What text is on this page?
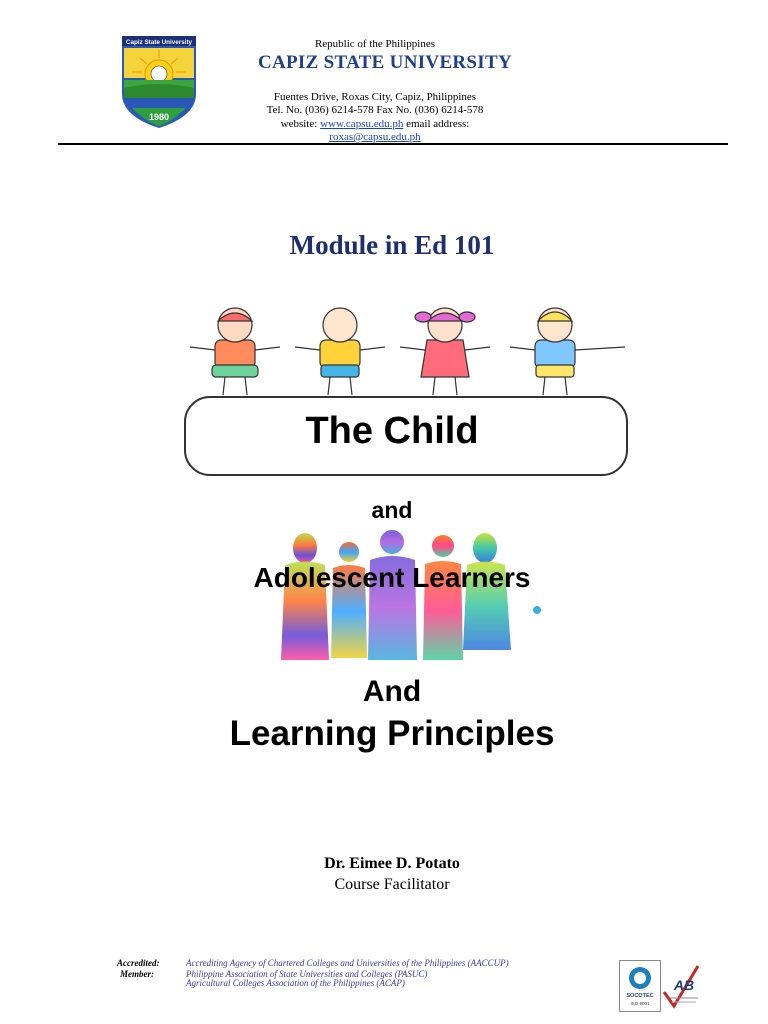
Capiz State University
1980
Republic of the Philippines
CAPIZ STATE UNIVERSITY
Fuentes Drive, Roxas City, Capiz, Philippines
Tel. No. (036) 6214-578 Fax No. (036) 6214-578
website: www.capsu.edu.ph email address:
roxas@capsu.edu.ph
Module in Ed 101
The Child
and
Adolescent Learners
And
Learning Principles
Dr. Eimee D. Potato
Course Facilitator
Accredited:
Member:
Accrediting Agency of Chartered Colleges and Universities of the Philippines (AACCUP)
Philippine Association of State Universities and Colleges (PASUC)
Agricultural Colleges Association of the Philippines (ACAP)
SOCOTEC
ISO 9001
AB
